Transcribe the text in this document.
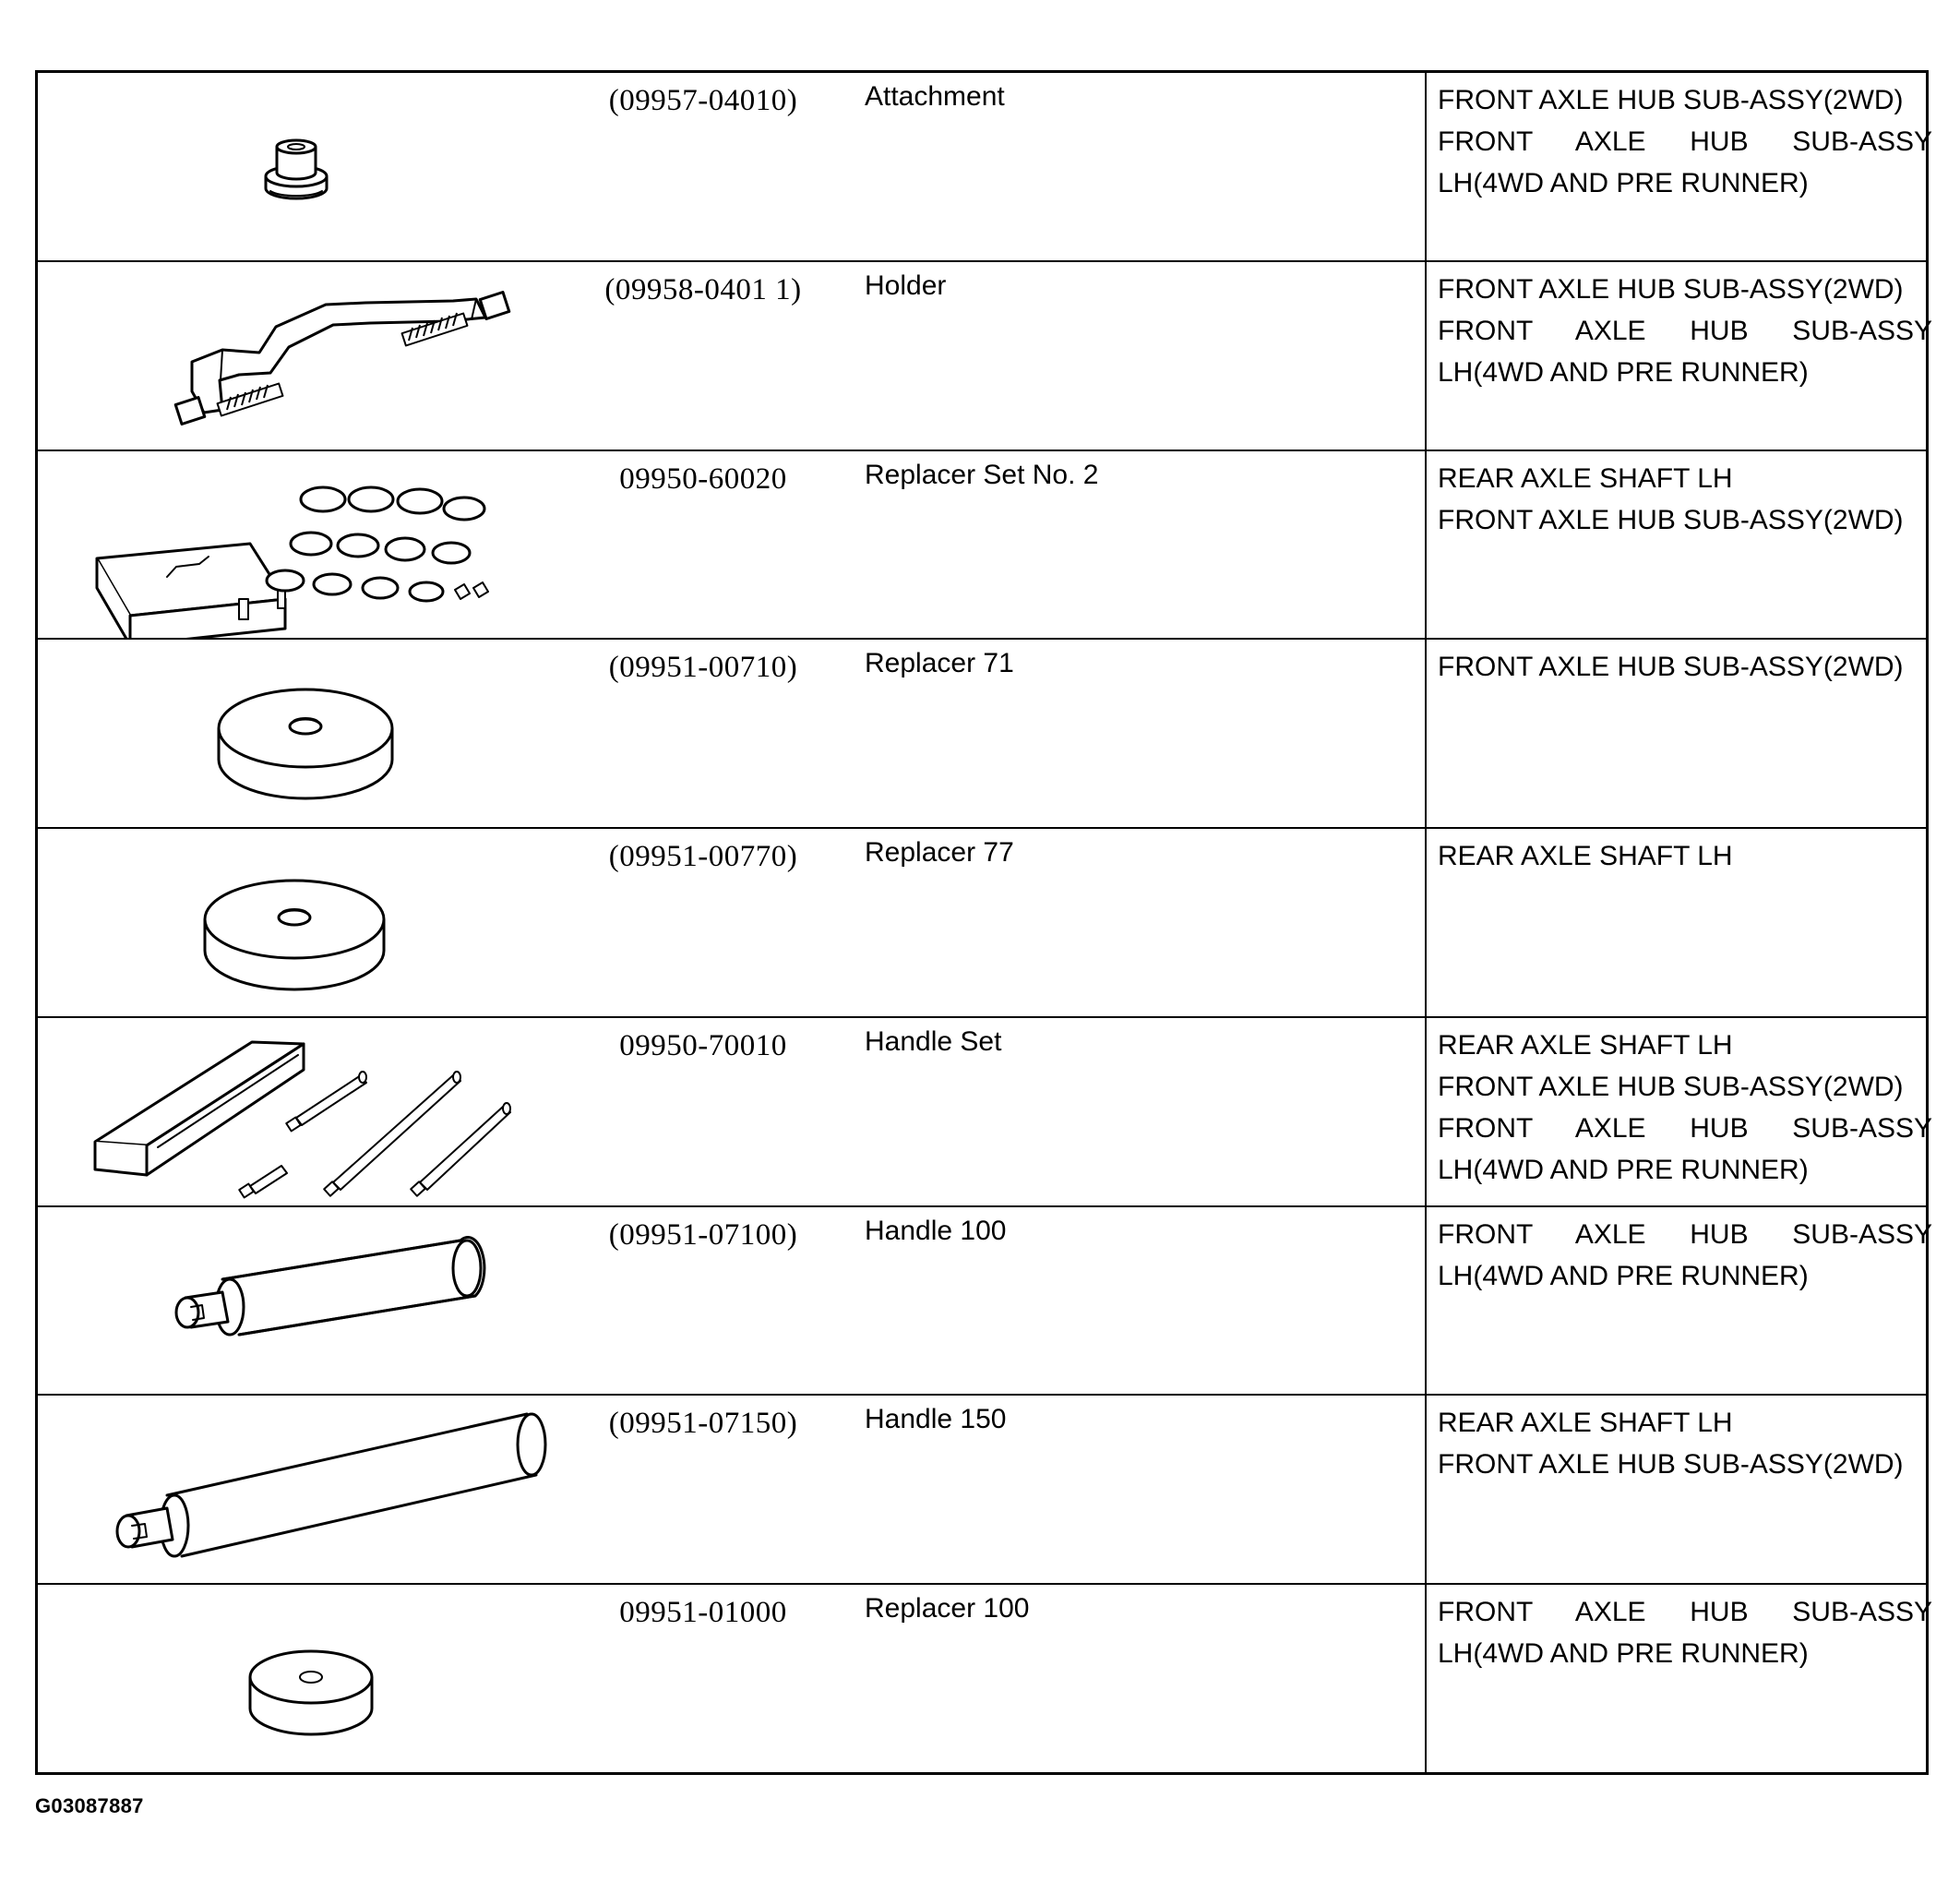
(09957-04010)	Attachment	FRONT AXLE HUB SUB-ASSY(2WD)
FRONT AXLE HUB SUB-ASSY
LH(4WD AND PRE RUNNER)
(09958-0401 1)	Holder	FRONT AXLE HUB SUB-ASSY(2WD)
FRONT AXLE HUB SUB-ASSY
LH(4WD AND PRE RUNNER)
09950-60020	Replacer Set No. 2	REAR AXLE SHAFT LH
FRONT AXLE HUB SUB-ASSY(2WD)
(09951-00710)	Replacer 71	FRONT AXLE HUB SUB-ASSY(2WD)
(09951-00770)	Replacer 77	REAR AXLE SHAFT LH
09950-70010	Handle Set	REAR AXLE SHAFT LH
FRONT AXLE HUB SUB-ASSY(2WD)
FRONT AXLE HUB SUB-ASSY
LH(4WD AND PRE RUNNER)
(09951-07100)	Handle 100	FRONT AXLE HUB SUB-ASSY
LH(4WD AND PRE RUNNER)
(09951-07150)	Handle 150	REAR AXLE SHAFT LH
FRONT AXLE HUB SUB-ASSY(2WD)
09951-01000	Replacer 100	FRONT AXLE HUB SUB-ASSY
LH(4WD AND PRE RUNNER)
G03087887
